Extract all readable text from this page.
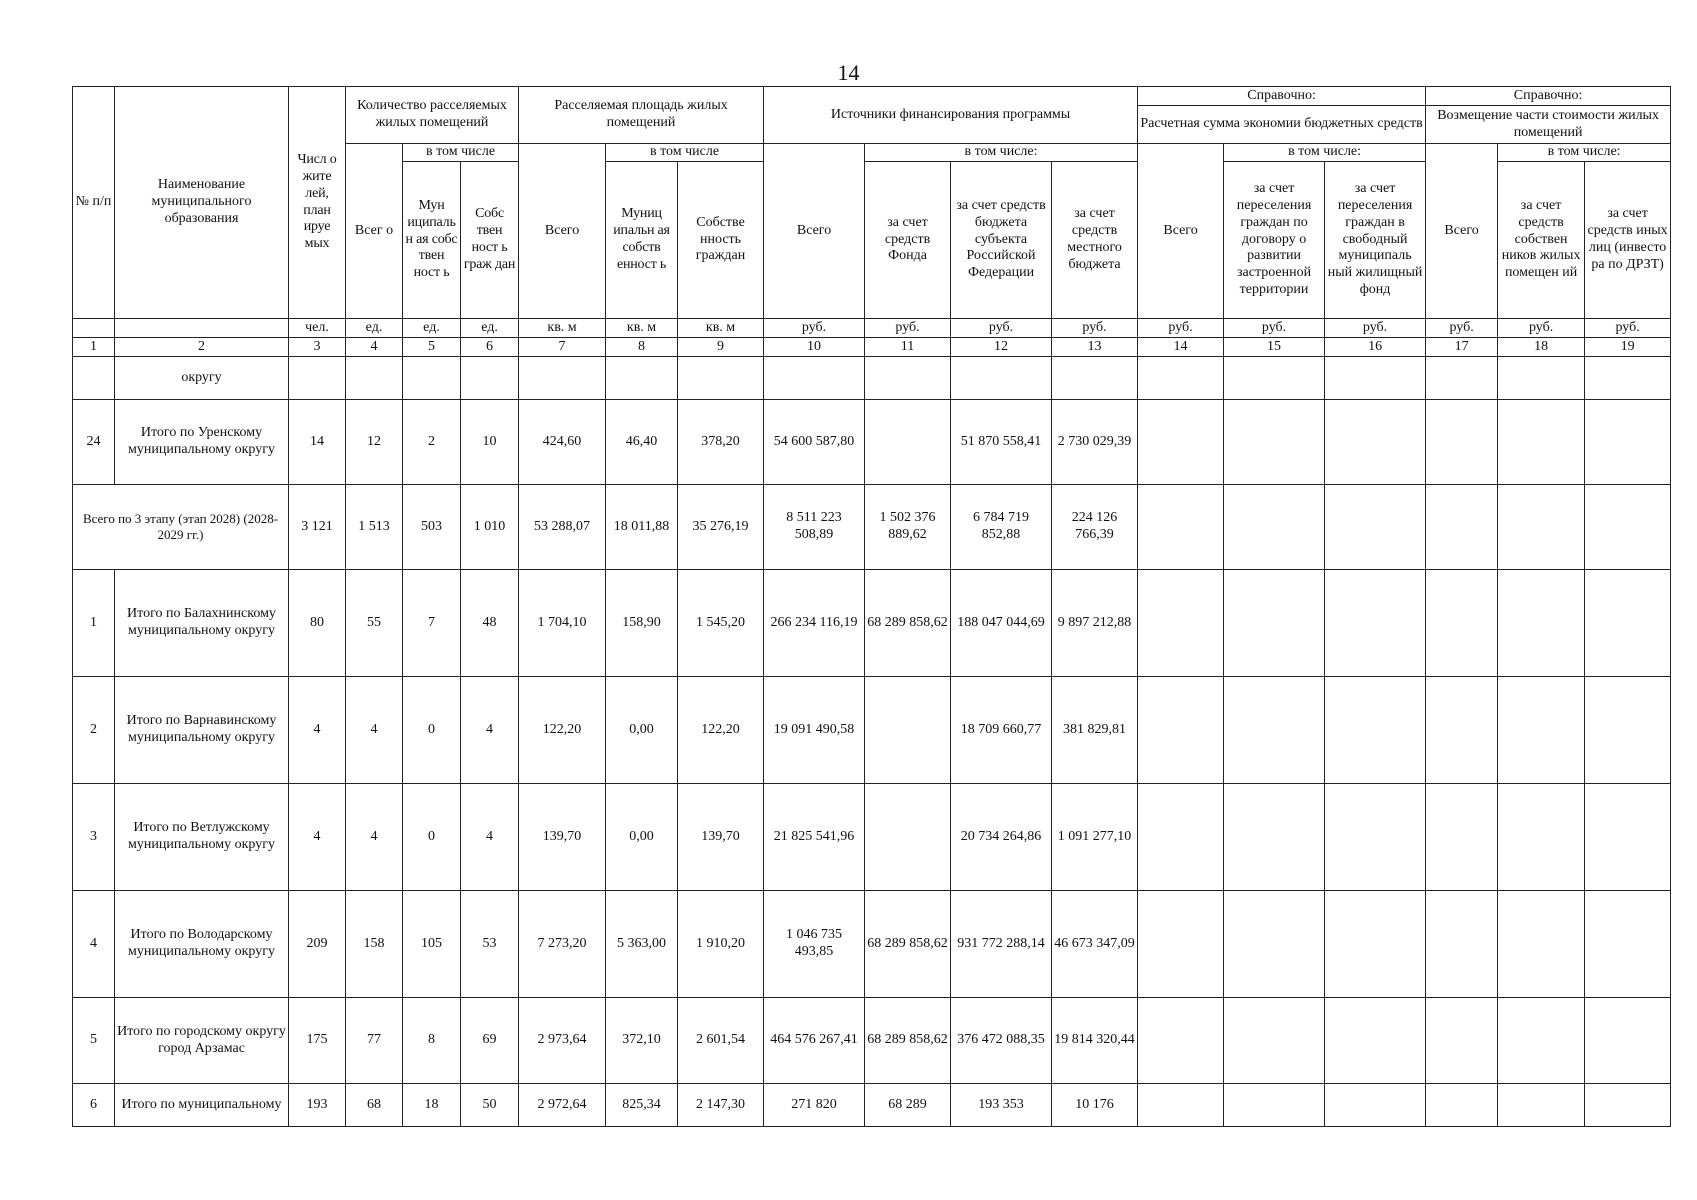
14
№ п/п	Наименование муниципального образования	Числ о жите лей, план ируе мых	Количество расселяемых жилых помещений			Расселяемая площадь жилых помещений			Источники финансирования программы				Справочно:			Справочно:		
													Расчетная сумма экономии бюджетных средств			Возмещение части стоимости жилых помещений		
			Всег о	в том числе		Всего	в том числе		Всего	в том числе:			Всего	в том числе:		Всего	в том числе:	
				Мун иципальн ая собс твен ност ь	Собс твен ност ь граж дан		Муниц ипальн ая собств енност ь	Собстве нность граждан		за счет средств Фонда	за счет средств бюджета субъекта Российской Федерации	за счет средств местного бюджета		за счет переселения граждан по договору о развитии застроенной территории	за счет переселения граждан в свободный муниципаль ный жилищный фонд		за счет средств собствен ников жилых помещен ий	за счет средств иных лиц (инвесто ра по ДРЗТ)
		чел.	ед.	ед.	ед.	кв. м	кв. м	кв. м	руб.	руб.	руб.	руб.	руб.	руб.	руб.	руб.	руб.	руб.
1	2	3	4	5	6	7	8	9	10	11	12	13	14	15	16	17	18	19
	округу																	
24	Итого по Уренскому муниципальному округу	14	12	2	10	424,60	46,40	378,20	54 600 587,80		51 870 558,41	2 730 029,39						
Всего по 3 этапу (этап 2028) (2028-2029 гг.)		3 121	1 513	503	1 010	53 288,07	18 011,88	35 276,19	8 511 223 508,89	1 502 376 889,62	6 784 719 852,88	224 126 766,39						
1	Итого по Балахнинскому муниципальному округу	80	55	7	48	1 704,10	158,90	1 545,20	266 234 116,19	68 289 858,62	188 047 044,69	9 897 212,88						
2	Итого по Варнавинскому муниципальному округу	4	4	0	4	122,20	0,00	122,20	19 091 490,58		18 709 660,77	381 829,81						
3	Итого по Ветлужскому муниципальному округу	4	4	0	4	139,70	0,00	139,70	21 825 541,96		20 734 264,86	1 091 277,10						
4	Итого по Володарскому муниципальному округу	209	158	105	53	7 273,20	5 363,00	1 910,20	1 046 735 493,85	68 289 858,62	931 772 288,14	46 673 347,09						
5	Итого по городскому округу город Арзамас	175	77	8	69	2 973,64	372,10	2 601,54	464 576 267,41	68 289 858,62	376 472 088,35	19 814 320,44						
6	Итого по муниципальному	193	68	18	50	2 972,64	825,34	2 147,30	271 820	68 289	193 353	10 176						
